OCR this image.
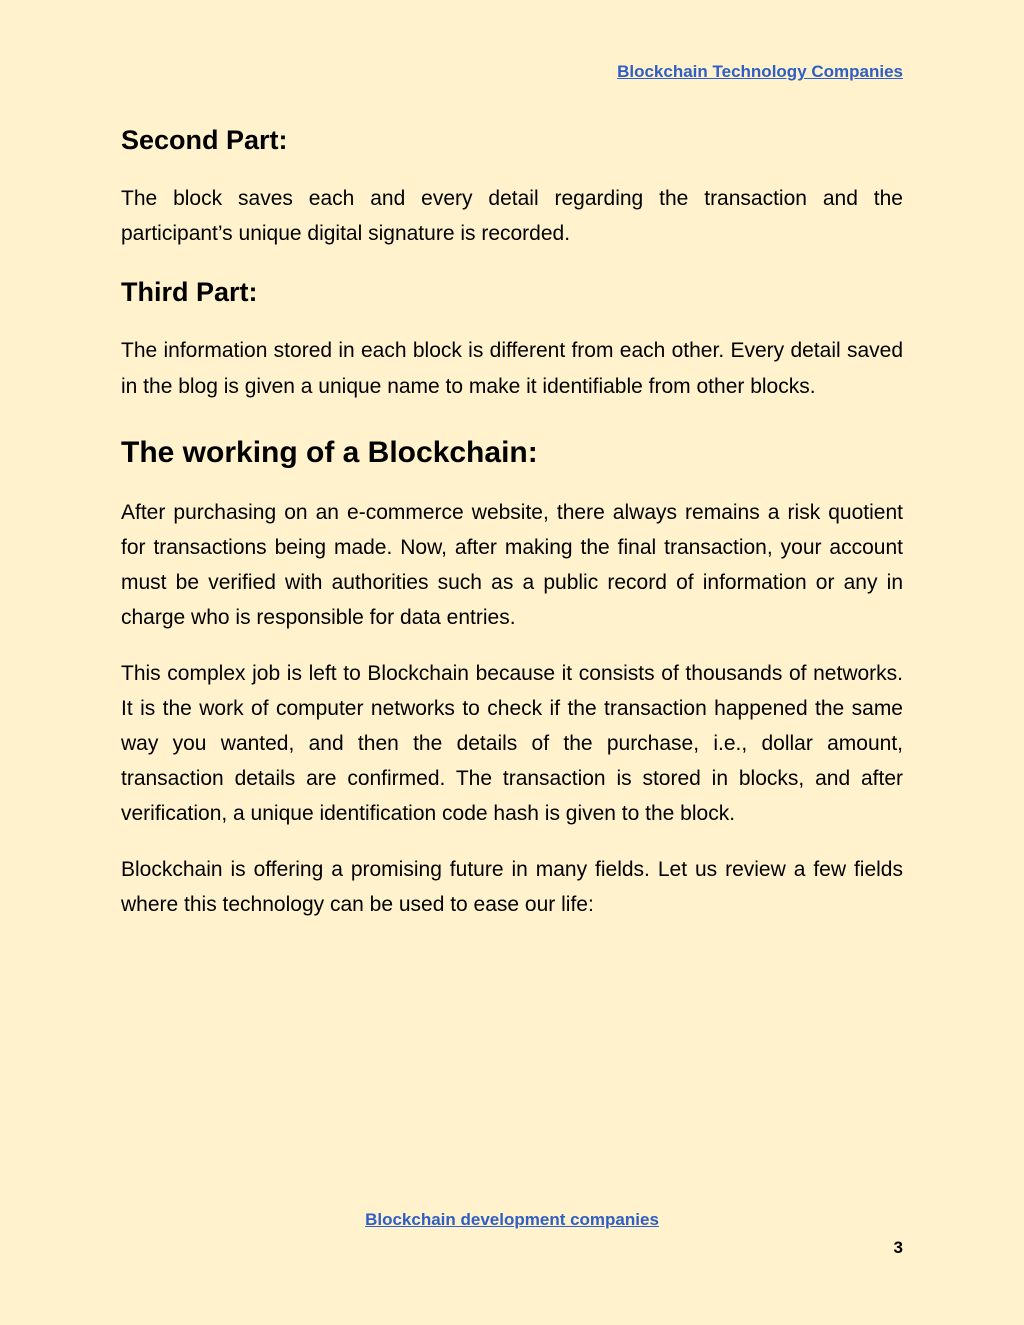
Blockchain Technology Companies
Second Part:

The block saves each and every detail regarding the transaction and the participant’s unique digital signature is recorded.

Third Part:

The information stored in each block is different from each other. Every detail saved in the blog is given a unique name to make it identifiable from other blocks.

The working of a Blockchain:

After purchasing on an e-commerce website, there always remains a risk quotient for transactions being made. Now, after making the final transaction, your account must be verified with authorities such as a public record of information or any in charge who is responsible for data entries.

This complex job is left to Blockchain because it consists of thousands of networks. It is the work of computer networks to check if the transaction happened the same way you wanted, and then the details of the purchase, i.e., dollar amount, transaction details are confirmed. The transaction is stored in blocks, and after verification, a unique identification code hash is given to the block.

Blockchain is offering a promising future in many fields. Let us review a few fields where this technology can be used to ease our life:

Blockchain development companies
3
